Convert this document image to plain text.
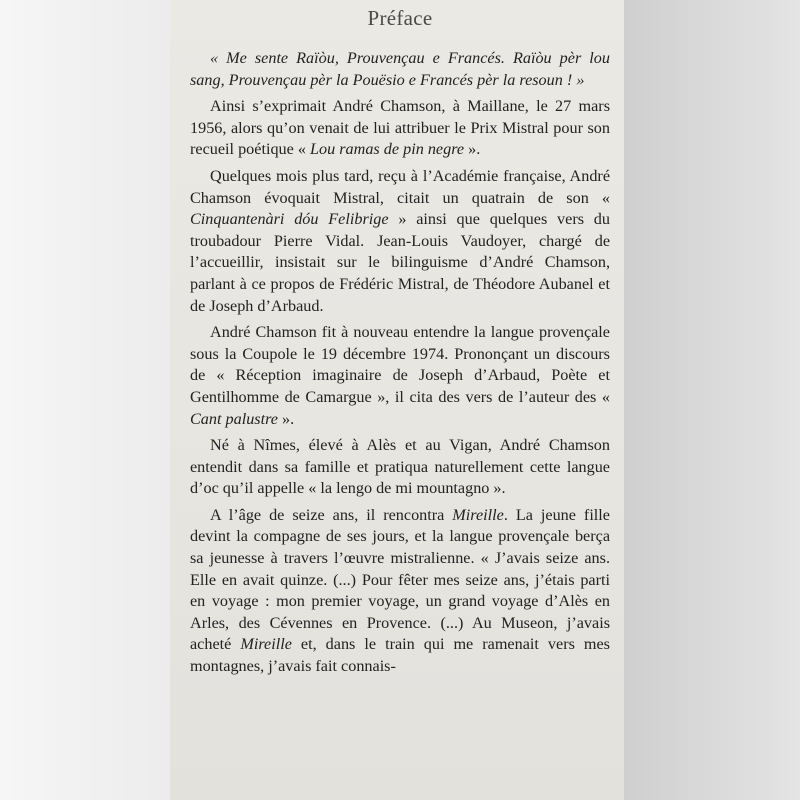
Préface

« Me sente Raïòu, Prouvençau e Francés. Raïòu pèr lou sang, Prouvençau pèr la Pouësio e Francés pèr la resoun ! »

Ainsi s’exprimait André Chamson, à Maillane, le 27 mars 1956, alors qu’on venait de lui attribuer le Prix Mistral pour son recueil poétique « Lou ramas de pin negre ».

Quelques mois plus tard, reçu à l’Académie française, André Chamson évoquait Mistral, citait un quatrain de son « Cinquantenàri dóu Felibrige » ainsi que quelques vers du troubadour Pierre Vidal. Jean-Louis Vaudoyer, chargé de l’accueillir, insistait sur le bilinguisme d’André Chamson, parlant à ce propos de Frédéric Mistral, de Théodore Aubanel et de Joseph d’Arbaud.

André Chamson fit à nouveau entendre la langue provençale sous la Coupole le 19 décembre 1974. Prononçant un discours de « Réception imaginaire de Joseph d’Arbaud, Poète et Gentilhomme de Camargue », il cita des vers de l’auteur des « Cant palustre ».

Né à Nîmes, élevé à Alès et au Vigan, André Chamson entendit dans sa famille et pratiqua naturellement cette langue d’oc qu’il appelle « la lengo de mi mountagno ».

A l’âge de seize ans, il rencontra Mireille. La jeune fille devint la compagne de ses jours, et la langue provençale berça sa jeunesse à travers l’œuvre mistralienne. « J’avais seize ans. Elle en avait quinze. (...) Pour fêter mes seize ans, j’étais parti en voyage : mon premier voyage, un grand voyage d’Alès en Arles, des Cévennes en Provence. (...) Au Museon, j’avais acheté Mireille et, dans le train qui me ramenait vers mes montagnes, j’avais fait connais-
